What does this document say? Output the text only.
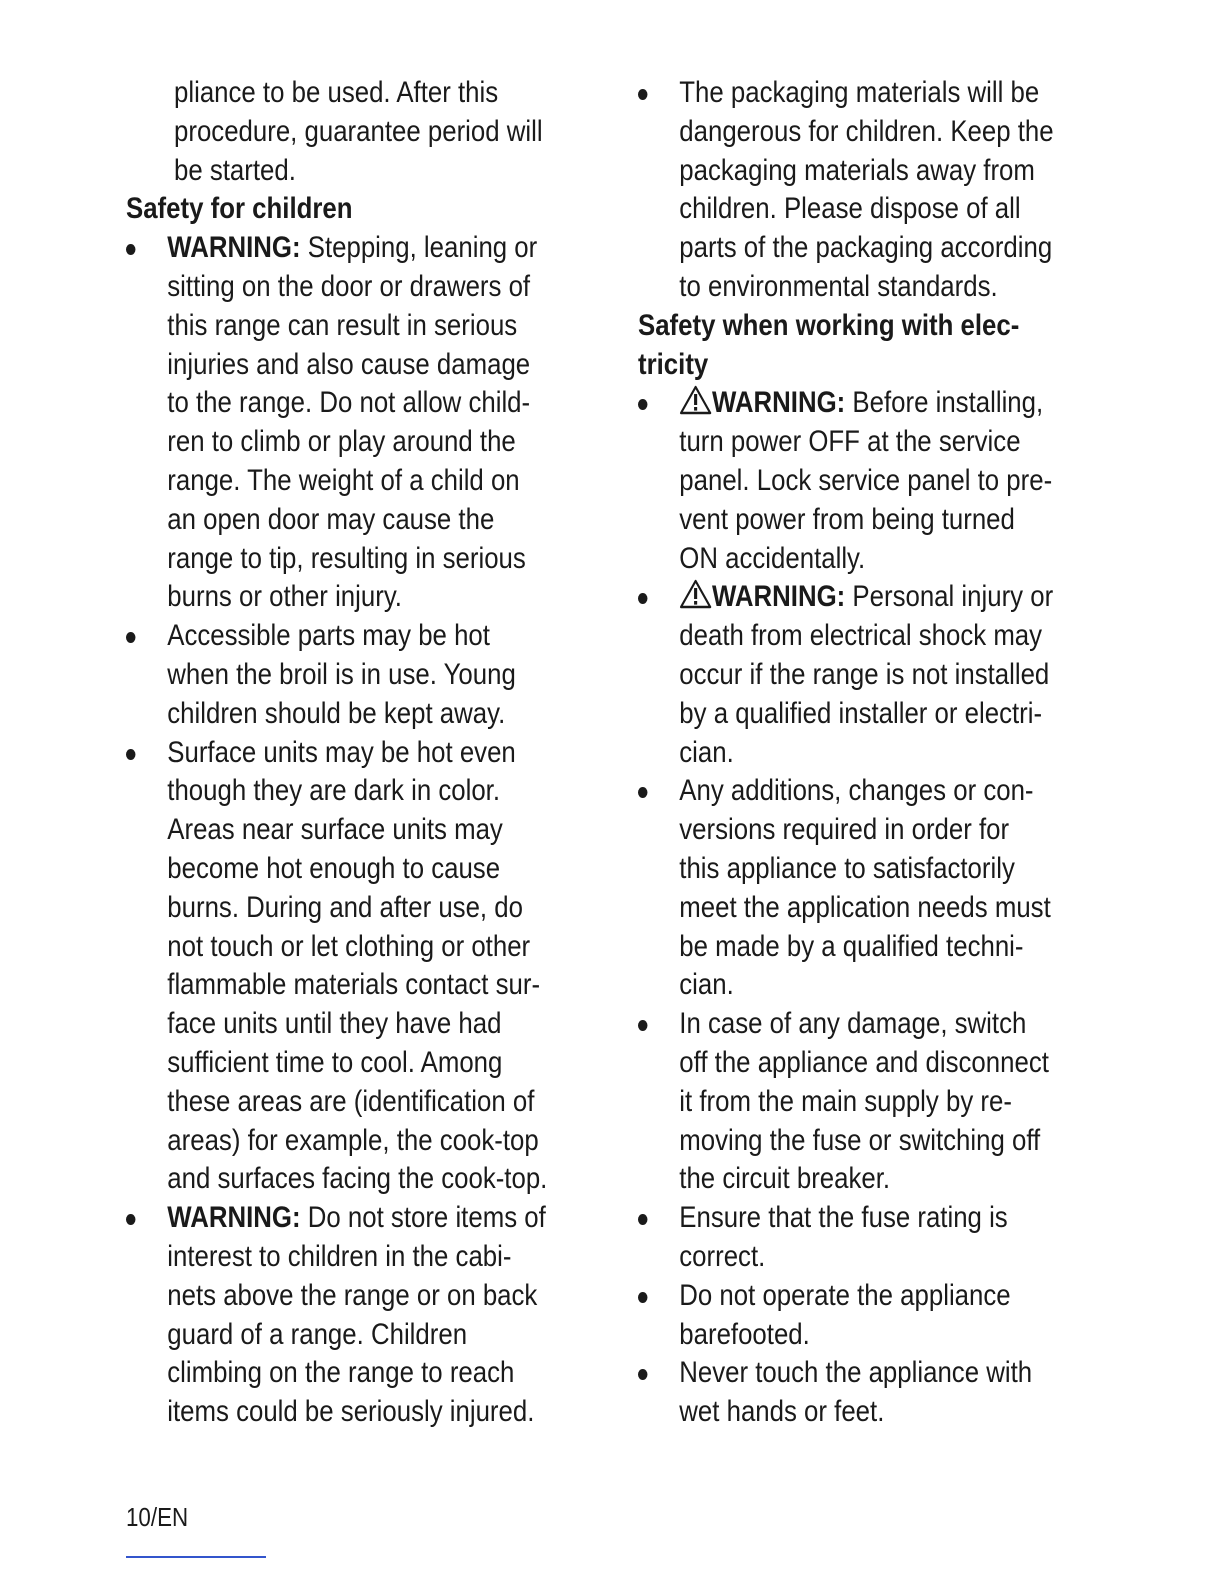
pliance to be used. After this
procedure, guarantee period will
be started.
Safety for children
WARNING: Stepping, leaning or
sitting on the door or drawers of
this range can result in serious
injuries and also cause damage
to the range. Do not allow child-
ren to climb or play around the
range. The weight of a child on
an open door may cause the
range to tip, resulting in serious
burns or other injury.
Accessible parts may be hot
when the broil is in use. Young
children should be kept away.
Surface units may be hot even
though they are dark in color.
Areas near surface units may
become hot enough to cause
burns. During and after use, do
not touch or let clothing or other
flammable materials contact sur-
face units until they have had
sufficient time to cool. Among
these areas are (identification of
areas) for example, the cook-top
and surfaces facing the cook-top.
WARNING: Do not store items of
interest to children in the cabi-
nets above the range or on back
guard of a range. Children
climbing on the range to reach
items could be seriously injured.
The packaging materials will be
dangerous for children. Keep the
packaging materials away from
children. Please dispose of all
parts of the packaging according
to environmental standards.
Safety when working with elec-
tricity
WARNING: Before installing,
turn power OFF at the service
panel. Lock service panel to pre-
vent power from being turned
ON accidentally.
WARNING: Personal injury or
death from electrical shock may
occur if the range is not installed
by a qualified installer or electri-
cian.
Any additions, changes or con-
versions required in order for
this appliance to satisfactorily
meet the application needs must
be made by a qualified techni-
cian.
In case of any damage, switch
off the appliance and disconnect
it from the main supply by re-
moving the fuse or switching off
the circuit breaker.
Ensure that the fuse rating is
correct.
Do not operate the appliance
barefooted.
Never touch the appliance with
wet hands or feet.
10/EN
